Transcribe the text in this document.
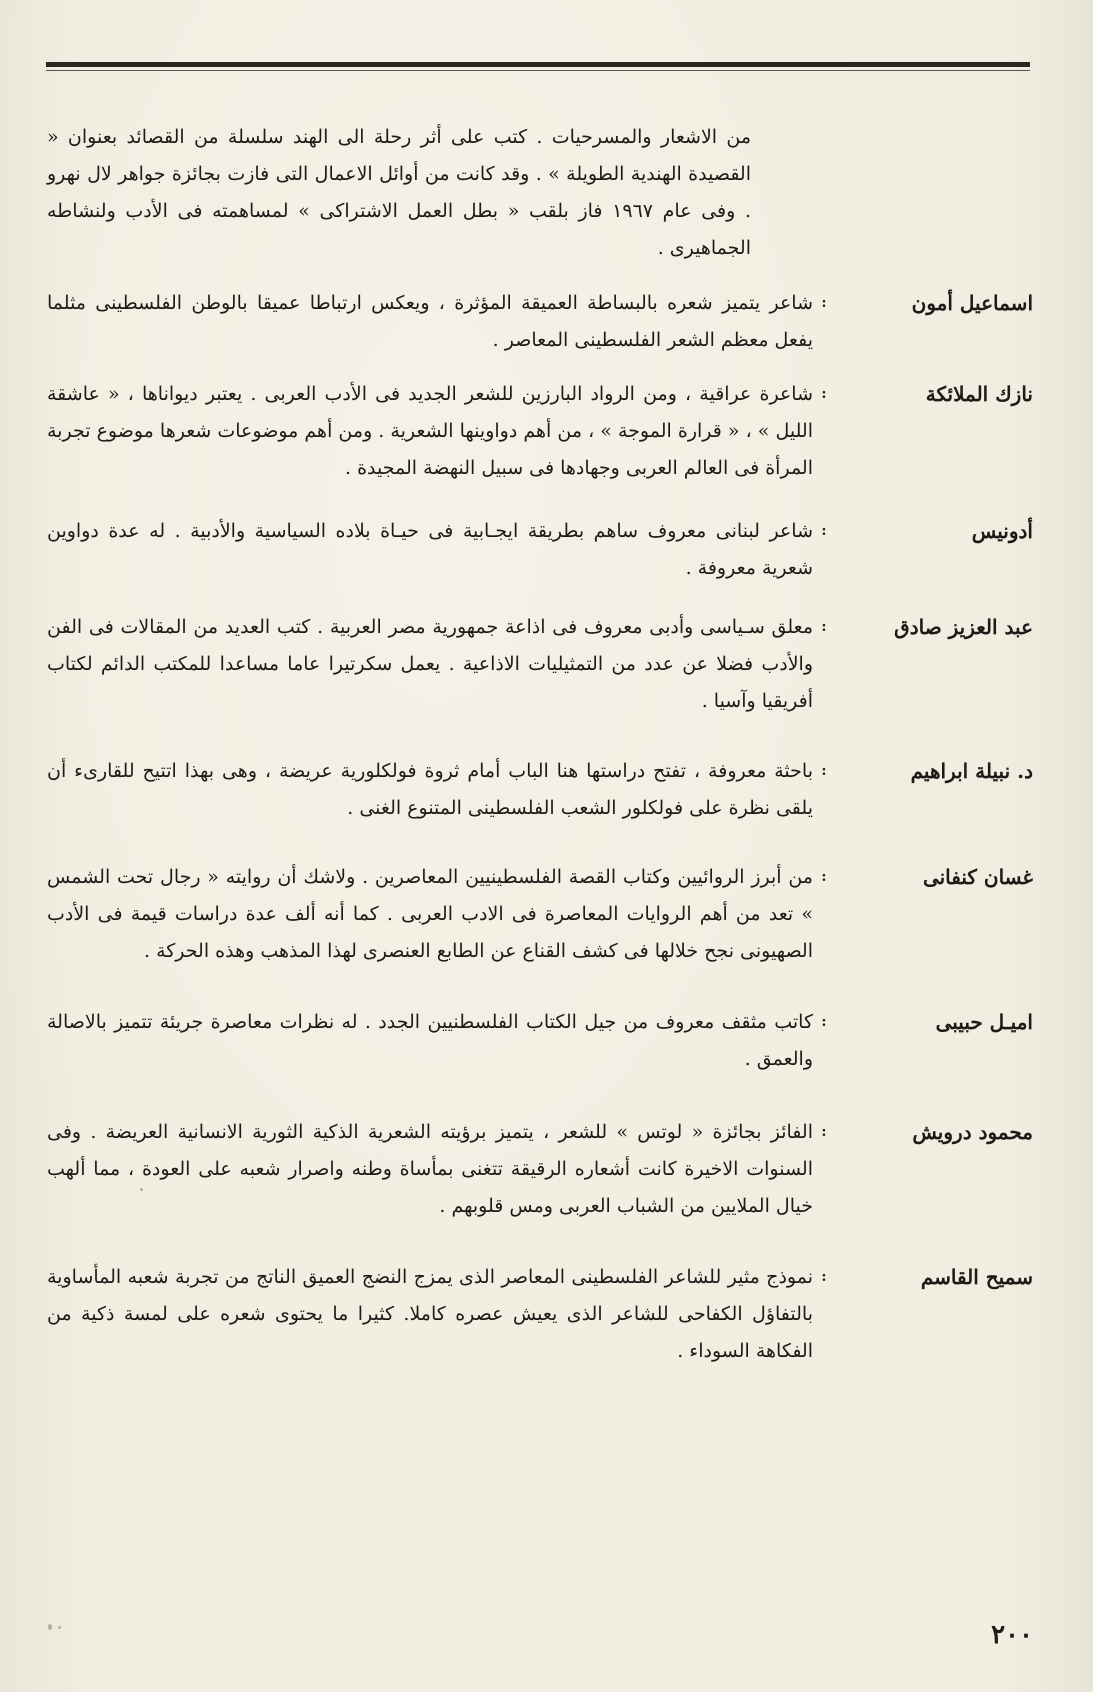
من الاشعار والمسرحيات . كتب على أثر رحلة الى الهند سلسلة من القصائد بعنوان « القصيدة الهندية الطويلة » . وقد كانت من أوائل الاعمال التى فازت بجائزة جواهر لال نهرو . وفى عام ١٩٦٧ فاز بلقب « بطل العمل الاشتراكى » لمساهمته فى الأدب ولنشاطه الجماهيرى .

اسماعيل أمون
:
شاعر يتميز شعره بالبساطة العميقة المؤثرة ، ويعكس ارتباطا عميقا بالوطن الفلسطينى مثلما يفعل معظم الشعر الفلسطينى المعاصر .
نازك الملائكة
:
شاعرة عراقية ، ومن الرواد البارزين للشعر الجديد فى الأدب العربى . يعتبر ديواناها ، « عاشقة الليل » ، « قرارة الموجة » ، من أهم دواوينها الشعرية . ومن أهم موضوعات شعرها موضوع تجربة المرأة فى العالم العربى وجهادها فى سبيل النهضة المجيدة .
أدونيس
:
شاعر لبنانى معروف ساهم بطريقة ايجـابية فى حيـاة بلاده السياسية والأدبية . له عدة دواوين شعرية معروفة .
عبد العزيز صادق
:
معلق سـياسى وأدبى معروف فى اذاعة جمهورية مصر العربية . كتب العديد من المقالات فى الفن والأدب فضلا عن عدد من التمثيليات الاذاعية . يعمل سكرتيرا عاما مساعدا للمكتب الدائم لكتاب أفريقيا وآسيا .
د. نبيلة ابراهيم
:
باحثة معروفة ، تفتح دراستها هنا الباب أمام ثروة فولكلورية عريضة ، وهى بهذا اتتيح للقارىء أن يلقى نظرة على فولكلور الشعب الفلسطينى المتنوع الغنى .
غسان كنفانى
:
من أبرز الروائيين وكتاب القصة الفلسطينيين المعاصرين . ولاشك أن روايته « رجال تحت الشمس » تعد من أهم الروايات المعاصرة فى الادب العربى . كما أنه ألف عدة دراسات قيمة فى الأدب الصهيونى نجح خلالها فى كشف القناع عن الطابع العنصرى لهذا المذهب وهذه الحركة .
اميـل حبيبى
:
كاتب مثقف معروف من جيل الكتاب الفلسطنيين الجدد . له نظرات معاصرة جريئة تتميز بالاصالة والعمق .
محمود درويش
:
الفائز بجائزة « لوتس » للشعر ، يتميز برؤيته الشعرية الذكية الثورية الانسانية العريضة . وفى السنوات الاخيرة كانت أشعاره الرقيقة تتغنى بمأساة وطنه واصرار شعبه على العودة ، مما ألهب خيال الملايين من الشباب العربى ومس قلوبهم .
سميح القاسم
:
نموذج مثير للشاعر الفلسطينى المعاصر الذى يمزج النضج العميق الناتج من تجربة شعبه المأساوية بالتفاؤل الكفاحى للشاعر الذى يعيش عصره كاملا. كثيرا ما يحتوى شعره على لمسة ذكية من الفكاهة السوداء .
٢٠٠
